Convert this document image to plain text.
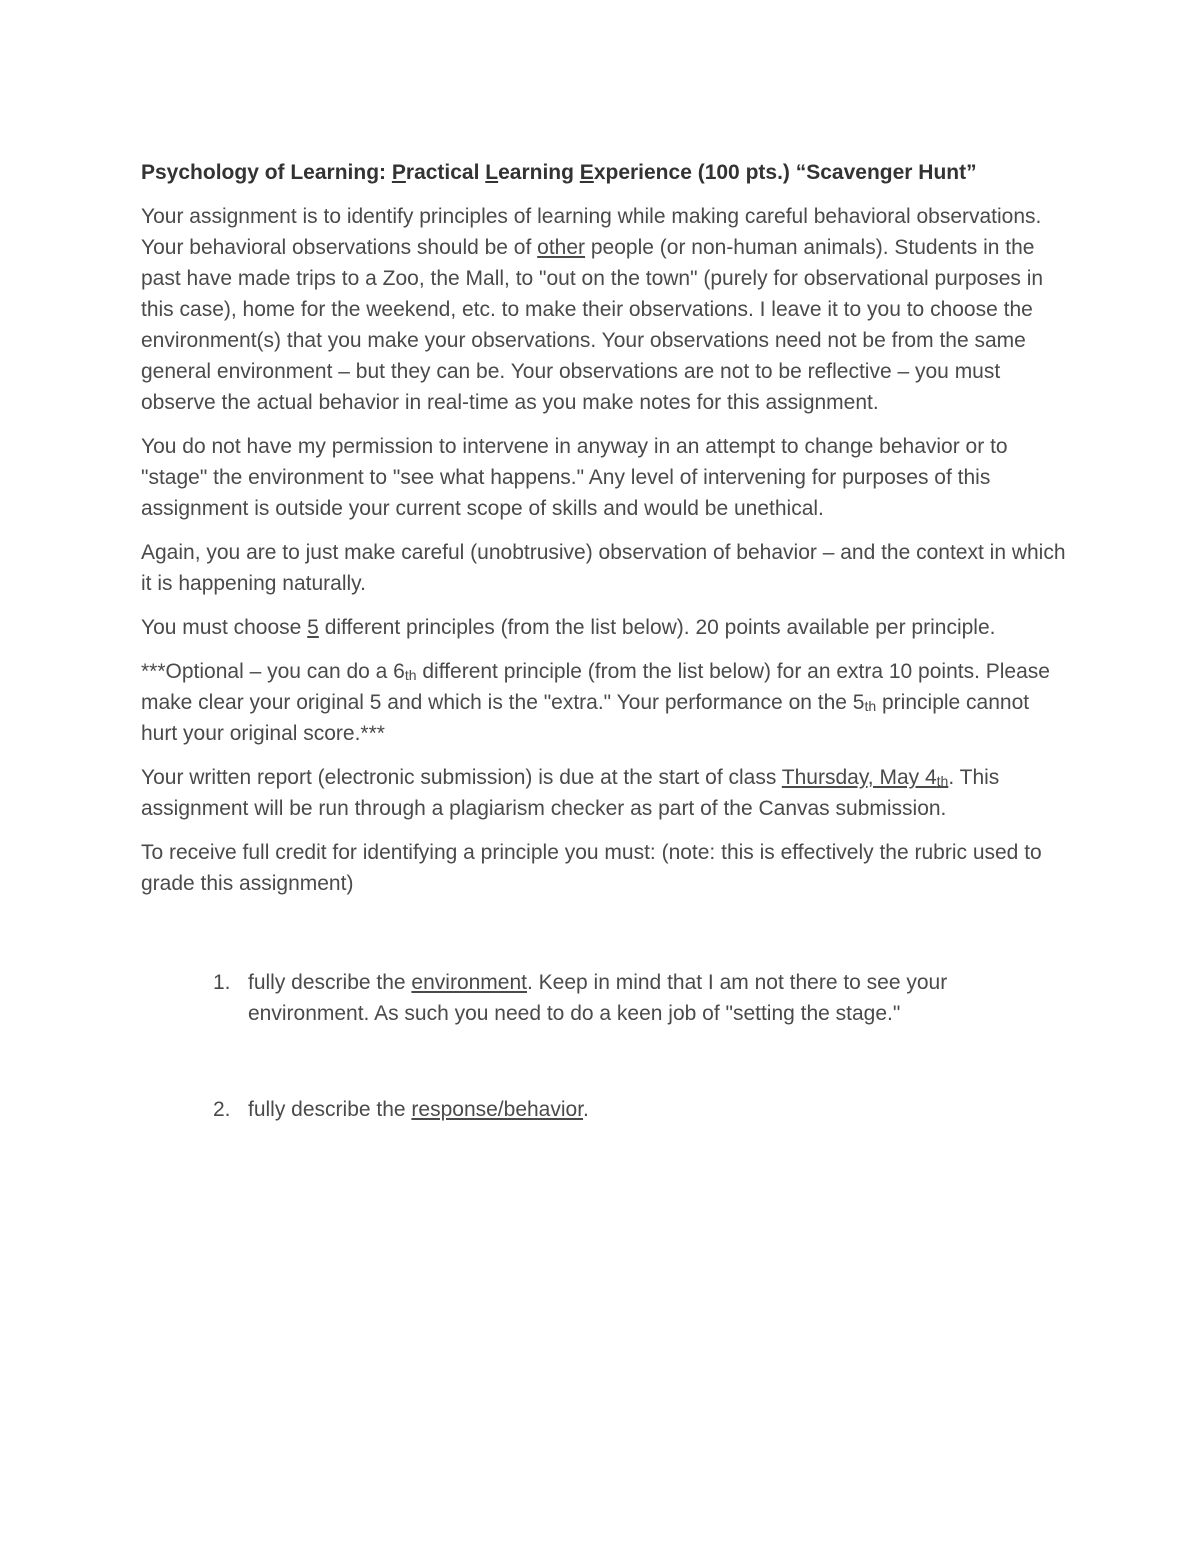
Psychology of Learning: Practical Learning Experience (100 pts.) “Scavenger Hunt”

Your assignment is to identify principles of learning while making careful behavioral observations. Your behavioral observations should be of other people (or non-human animals). Students in the past have made trips to a Zoo, the Mall, to "out on the town" (purely for observational purposes in this case), home for the weekend, etc. to make their observations. I leave it to you to choose the environment(s) that you make your observations. Your observations need not be from the same general environment – but they can be. Your observations are not to be reflective – you must observe the actual behavior in real-time as you make notes for this assignment.

You do not have my permission to intervene in anyway in an attempt to change behavior or to "stage" the environment to "see what happens." Any level of intervening for purposes of this assignment is outside your current scope of skills and would be unethical.

Again, you are to just make careful (unobtrusive) observation of behavior – and the context in which it is happening naturally.

You must choose 5 different principles (from the list below). 20 points available per principle.

***Optional – you can do a $6_{th}$ different principle (from the list below) for an extra 10 points. Please make clear your original 5 and which is the "extra." Your performance on the $5_{th}$ principle cannot hurt your original score.***

Your written report (electronic submission) is due at the start of class Thursday, May $4_{th}$. This assignment will be run through a plagiarism checker as part of the Canvas submission.

To receive full credit for identifying a principle you must: (note: this is effectively the rubric used to grade this assignment)

1. fully describe the environment. Keep in mind that I am not there to see your environment. As such you need to do a keen job of "setting the stage."
2. fully describe the response/behavior.
